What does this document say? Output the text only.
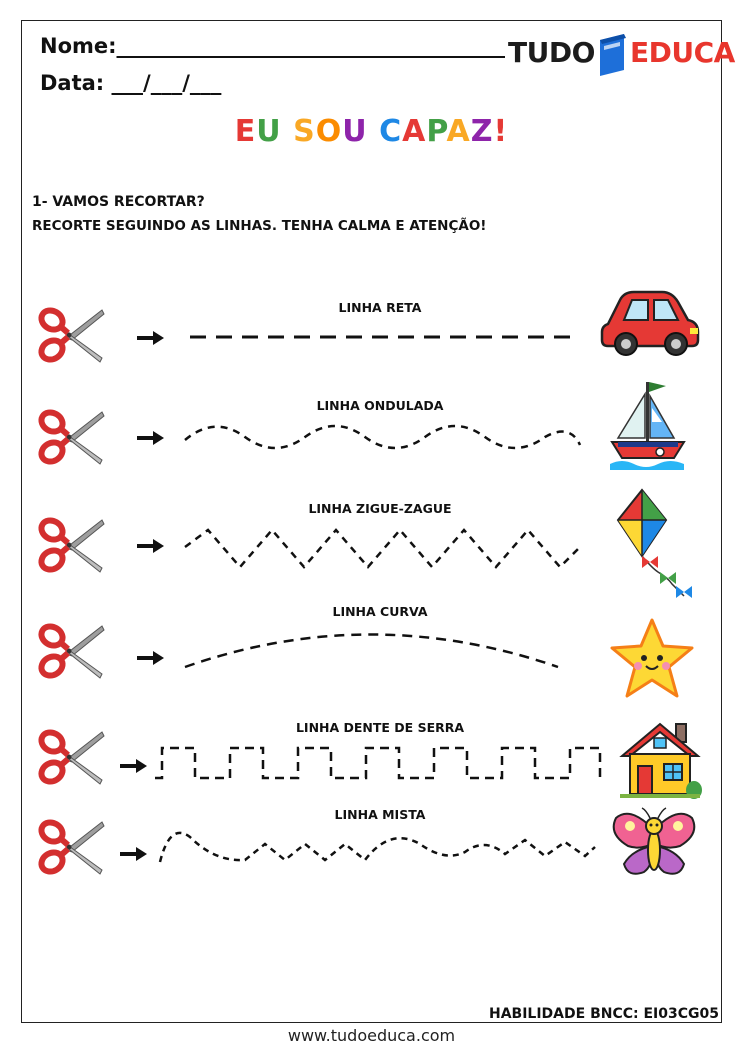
Nome:_____________________________________
Data: ___/___/___
TUDO EDUCA
EU SOU CAPAZ!
1- VAMOS RECORTAR?
RECORTE SEGUINDO AS LINHAS. TENHA CALMA E ATENÇÃO!
LINHA RETA
LINHA ONDULADA
LINHA ZIGUE-ZAGUE
LINHA CURVA
LINHA DENTE DE SERRA
LINHA MISTA
HABILIDADE BNCC: EI03CG05
www.tudoeduca.com
